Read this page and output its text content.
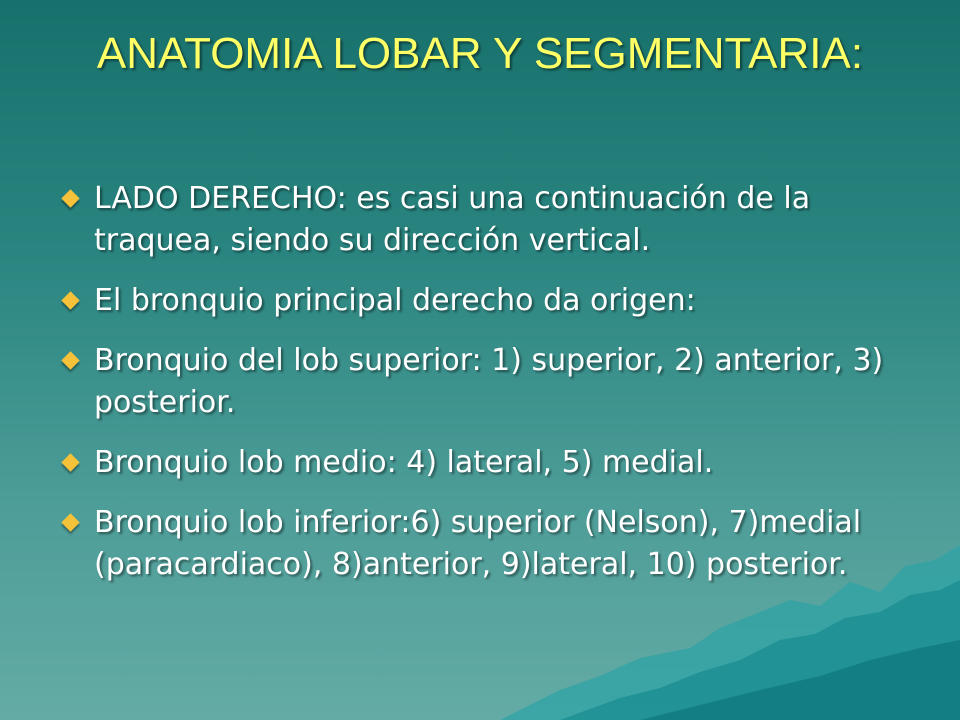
ANATOMIA LOBAR Y SEGMENTARIA:
LADO DERECHO: es casi una continuación de la traquea, siendo su dirección vertical.
El bronquio principal derecho da origen:
Bronquio del lob superior: 1) superior, 2) anterior, 3) posterior.
Bronquio lob medio: 4) lateral, 5) medial.
Bronquio lob inferior:6) superior (Nelson), 7)medial (paracardiaco), 8)anterior, 9)lateral, 10) posterior.
